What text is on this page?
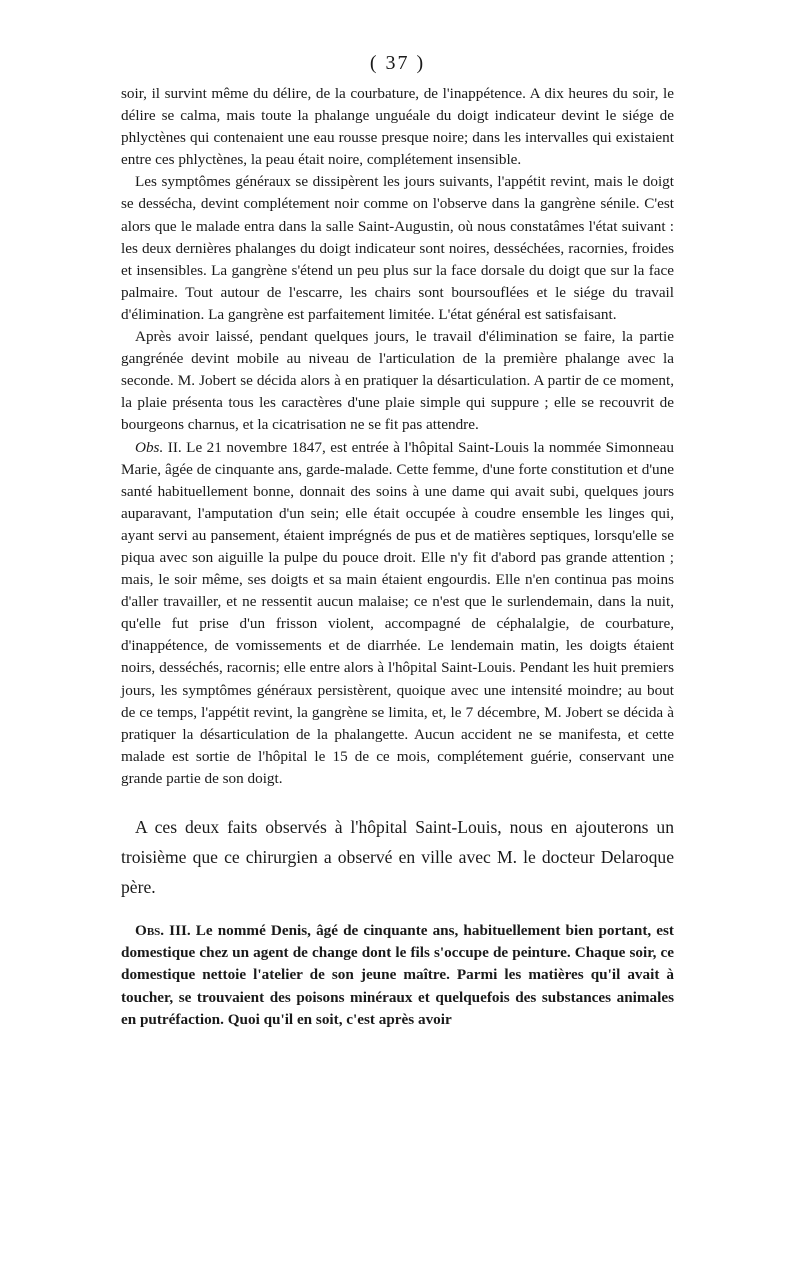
( 37 )

soir, il survint même du délire, de la courbature, de l'inappétence. A dix heures du soir, le délire se calma, mais toute la phalange unguéale du doigt indicateur devint le siége de phlyctènes qui contenaient une eau rousse presque noire; dans les intervalles qui existaient entre ces phlyctènes, la peau était noire, complétement insensible.

Les symptômes généraux se dissipèrent les jours suivants, l'appétit revint, mais le doigt se dessécha, devint complétement noir comme on l'observe dans la gangrène sénile. C'est alors que le malade entra dans la salle Saint-Augustin, où nous constatâmes l'état suivant : les deux dernières phalanges du doigt indicateur sont noires, desséchées, racornies, froides et insensibles. La gangrène s'étend un peu plus sur la face dorsale du doigt que sur la face palmaire. Tout autour de l'escarre, les chairs sont boursouflées et le siége du travail d'élimination. La gangrène est parfaitement limitée. L'état général est satisfaisant.

Après avoir laissé, pendant quelques jours, le travail d'élimination se faire, la partie gangrénée devint mobile au niveau de l'articulation de la première phalange avec la seconde. M. Jobert se décida alors à en pratiquer la désarticulation. A partir de ce moment, la plaie présenta tous les caractères d'une plaie simple qui suppure ; elle se recouvrit de bourgeons charnus, et la cicatrisation ne se fit pas attendre.

Obs. II. Le 21 novembre 1847, est entrée à l'hôpital Saint-Louis la nommée Simonneau Marie, âgée de cinquante ans, garde-malade. Cette femme, d'une forte constitution et d'une santé habituellement bonne, donnait des soins à une dame qui avait subi, quelques jours auparavant, l'amputation d'un sein; elle était occupée à coudre ensemble les linges qui, ayant servi au pansement, étaient imprégnés de pus et de matières septiques, lorsqu'elle se piqua avec son aiguille la pulpe du pouce droit. Elle n'y fit d'abord pas grande attention ; mais, le soir même, ses doigts et sa main étaient engourdis. Elle n'en continua pas moins d'aller travailler, et ne ressentit aucun malaise; ce n'est que le surlendemain, dans la nuit, qu'elle fut prise d'un frisson violent, accompagné de céphalalgie, de courbature, d'inappétence, de vomissements et de diarrhée. Le lendemain matin, les doigts étaient noirs, desséchés, racornis; elle entre alors à l'hôpital Saint-Louis. Pendant les huit premiers jours, les symptômes généraux persistèrent, quoique avec une intensité moindre; au bout de ce temps, l'appétit revint, la gangrène se limita, et, le 7 décembre, M. Jobert se décida à pratiquer la désarticulation de la phalangette. Aucun accident ne se manifesta, et cette malade est sortie de l'hôpital le 15 de ce mois, complétement guérie, conservant une grande partie de son doigt.

A ces deux faits observés à l'hôpital Saint-Louis, nous en ajouterons un troisième que ce chirurgien a observé en ville avec M. le docteur Delaroque père.

Obs. III. Le nommé Denis, âgé de cinquante ans, habituellement bien portant, est domestique chez un agent de change dont le fils s'occupe de peinture. Chaque soir, ce domestique nettoie l'atelier de son jeune maître. Parmi les matières qu'il avait à toucher, se trouvaient des poisons minéraux et quelquefois des substances animales en putréfaction. Quoi qu'il en soit, c'est après avoir
